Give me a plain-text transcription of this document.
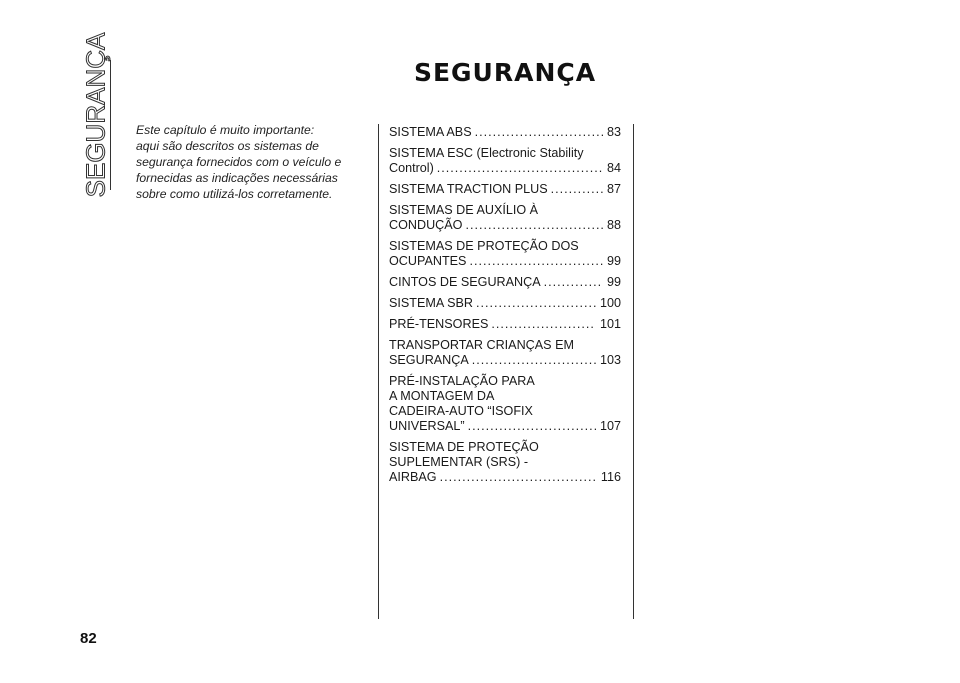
SEGURANÇA	SEGURANÇA
Este capítulo é muito importante:
aqui são descritos os sistemas de
segurança fornecidos com o veículo e
fornecidas as indicações necessárias
sobre como utilizá-los corretamente.
SISTEMA ABS .....	83
SISTEMA ESC (Electronic Stability
Control) .....	84
SISTEMA TRACTION PLUS .....	87
SISTEMAS DE AUXÍLIO À
CONDUÇÃO .....	88
SISTEMAS DE PROTEÇÃO DOS
OCUPANTES .....	99
CINTOS DE SEGURANÇA .....	99
SISTEMA SBR .....	100
PRÉ-TENSORES .....	101
TRANSPORTAR CRIANÇAS EM
SEGURANÇA .....	103
PRÉ-INSTALAÇÃO PARA
A MONTAGEM DA
CADEIRA-AUTO “ISOFIX
UNIVERSAL” .....	107
SISTEMA DE PROTEÇÃO
SUPLEMENTAR (SRS) -
AIRBAG .....	116
82
